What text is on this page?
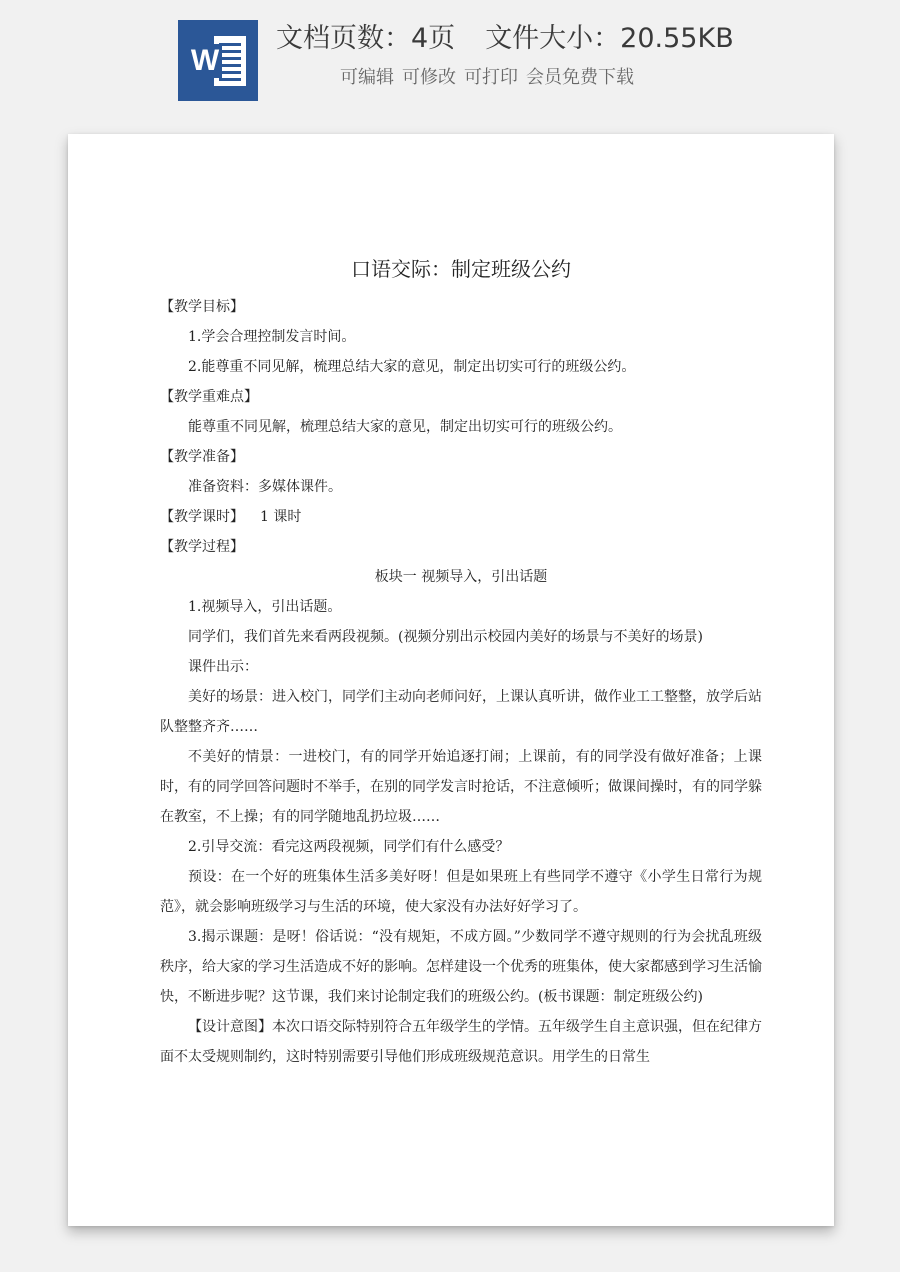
W
文档页数：4页 文件大小：20.55KB
可编辑 可修改 可打印 会员免费下载
口语交际：制定班级公约

【教学目标】

1.学会合理控制发言时间。

2.能尊重不同见解，梳理总结大家的意见，制定出切实可行的班级公约。

【教学重难点】

能尊重不同见解，梳理总结大家的意见，制定出切实可行的班级公约。

【教学准备】

准备资料：多媒体课件。

【教学课时】 1 课时

【教学过程】

板块一 视频导入，引出话题

1.视频导入，引出话题。

同学们，我们首先来看两段视频。(视频分别出示校园内美好的场景与不美好的场景)

课件出示：

美好的场景：进入校门，同学们主动向老师问好，上课认真听讲，做作业工工整整，放学后站队整整齐齐……

不美好的情景：一进校门，有的同学开始追逐打闹；上课前，有的同学没有做好准备；上课时，有的同学回答问题时不举手，在别的同学发言时抢话，不注意倾听；做课间操时，有的同学躲在教室，不上操；有的同学随地乱扔垃圾……

2.引导交流：看完这两段视频，同学们有什么感受？

预设：在一个好的班集体生活多美好呀！但是如果班上有些同学不遵守《小学生日常行为规范》，就会影响班级学习与生活的环境，使大家没有办法好好学习了。

3.揭示课题：是呀！俗话说：“没有规矩，不成方圆。”少数同学不遵守规则的行为会扰乱班级秩序，给大家的学习生活造成不好的影响。怎样建设一个优秀的班集体，使大家都感到学习生活愉快，不断进步呢？这节课，我们来讨论制定我们的班级公约。(板书课题：制定班级公约)

【设计意图】本次口语交际特别符合五年级学生的学情。五年级学生自主意识强，但在纪律方面不太受规则制约，这时特别需要引导他们形成班级规范意识。用学生的日常生
